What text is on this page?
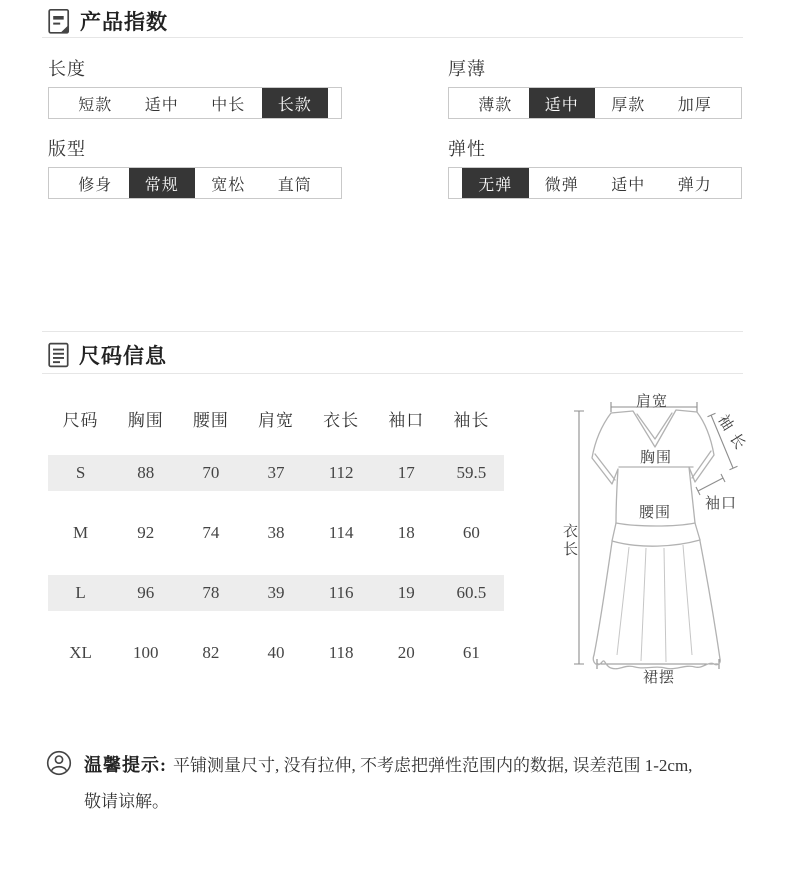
产品指数
长度
短款	适中	中长	长款
厚薄
薄款	适中	厚款	加厚
版型
修身	常规	宽松	直筒
弹性
无弹	微弹	适中	弹力
尺码信息
尺码	胸围	腰围	肩宽	衣长	袖口	袖长
S	88	70	37	112	17	59.5
M	92	74	38	114	18	60
L	96	78	39	116	19	60.5
XL	100	82	40	118	20	61
肩宽
袖长
胸围
袖口
腰围
衣长
裙摆
温馨提示: 平铺测量尺寸, 没有拉伸, 不考虑把弹性范围内的数据, 误差范围 1-2cm,
敬请谅解。
